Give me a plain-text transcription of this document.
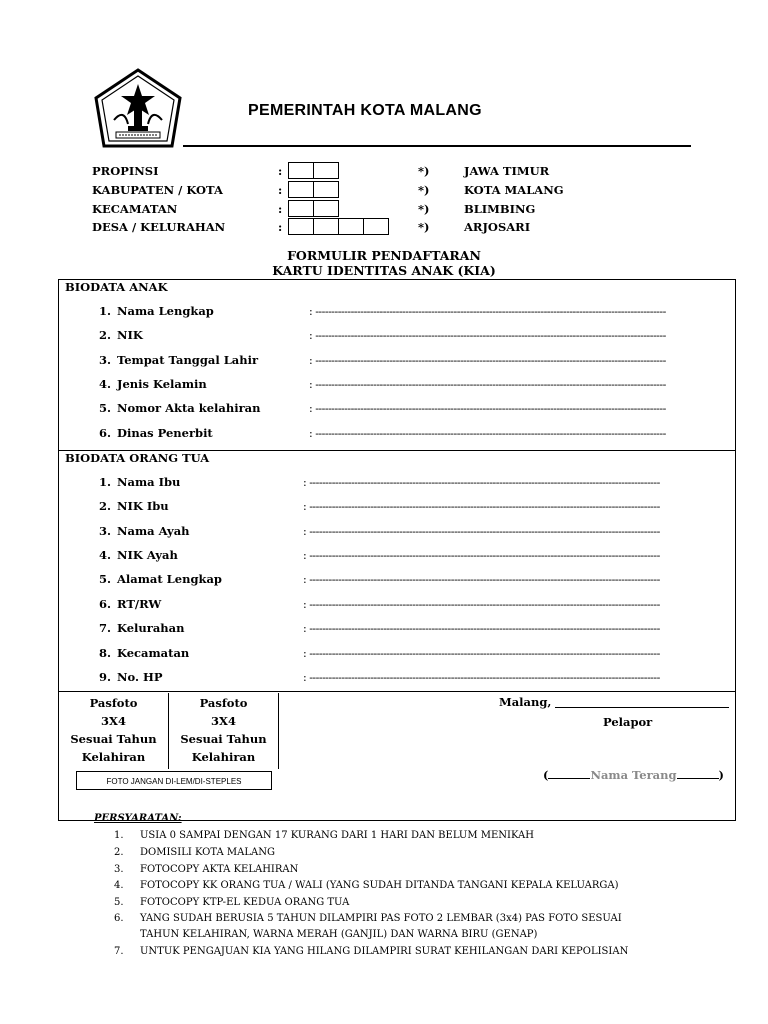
PEMERINTAH KOTA MALANG
PROPINSI	:	*)	JAWA TIMUR
KABUPATEN / KOTA	:	*)	KOTA MALANG
KECAMATAN	:	*)	BLIMBING
DESA / KELURAHAN	:	*)	ARJOSARI
FORMULIR PENDAFTARAN
KARTU IDENTITAS ANAK (KIA)
BIODATA ANAK
1. Nama Lengkap	: -------------------------------------------------------------------------------------------------------------
2. NIK	: -------------------------------------------------------------------------------------------------------------
3. Tempat Tanggal Lahir	: -------------------------------------------------------------------------------------------------------------
4. Jenis Kelamin	: -------------------------------------------------------------------------------------------------------------
5. Nomor Akta kelahiran	: -------------------------------------------------------------------------------------------------------------
6. Dinas Penerbit	: -------------------------------------------------------------------------------------------------------------
BIODATA ORANG TUA
1. Nama Ibu	: -------------------------------------------------------------------------------------------------------------
2. NIK Ibu	: -------------------------------------------------------------------------------------------------------------
3. Nama Ayah	: -------------------------------------------------------------------------------------------------------------
4. NIK Ayah	: -------------------------------------------------------------------------------------------------------------
5. Alamat Lengkap	: -------------------------------------------------------------------------------------------------------------
6. RT/RW	: -------------------------------------------------------------------------------------------------------------
7. Kelurahan	: -------------------------------------------------------------------------------------------------------------
8. Kecamatan	: -------------------------------------------------------------------------------------------------------------
9. No. HP	: -------------------------------------------------------------------------------------------------------------
Pasfoto
3X4
Sesuai Tahun
Kelahiran
Pasfoto
3X4
Sesuai Tahun
Kelahiran
FOTO JANGAN DI-LEM/DI-STEPLES
Malang,
Pelapor
(	Nama Terang	)
PERSYARATAN:
1. USIA 0 SAMPAI DENGAN 17 KURANG DARI 1 HARI DAN BELUM MENIKAH
2. DOMISILI KOTA MALANG
3. FOTOCOPY AKTA KELAHIRAN
4. FOTOCOPY KK ORANG TUA / WALI (YANG SUDAH DITANDA TANGANI KEPALA KELUARGA)
5. FOTOCOPY KTP-EL KEDUA ORANG TUA
6. YANG SUDAH BERUSIA 5 TAHUN DILAMPIRI PAS FOTO 2 LEMBAR (3x4) PAS FOTO SESUAI
TAHUN KELAHIRAN, WARNA MERAH (GANJIL) DAN WARNA BIRU (GENAP)
7. UNTUK PENGAJUAN KIA YANG HILANG DILAMPIRI SURAT KEHILANGAN DARI KEPOLISIAN
